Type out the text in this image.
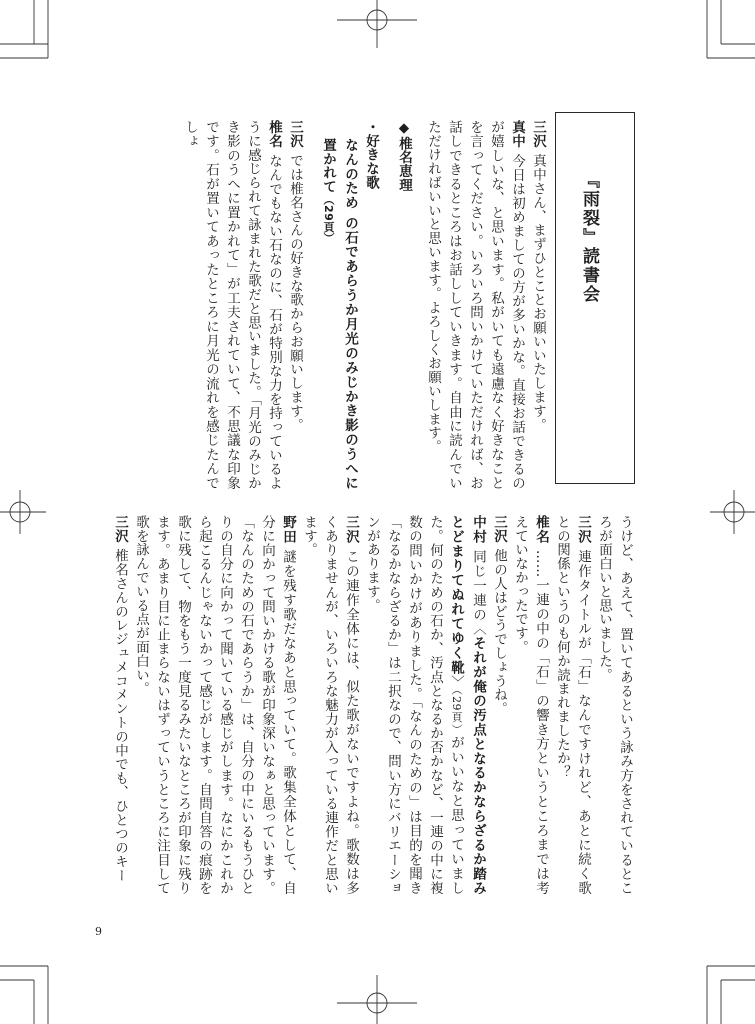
『雨裂』読書会
三沢真中さん、まずひとことお願いいたします。
真中今日は初めましての方が多いかな。直接お話できるのが嬉しいな、と思います。私がいても遠慮なく好きなことを言ってください。いろいろ問いかけていただければ、お話しできるところはお話ししていきます。自由に読んでいただければいいと思います。よろしくお願いします。
◆椎名恵理
・好きな歌
なんのため の石であらうか月光のみじかき影のうへに置かれて（29頁）
三沢では椎名さんの好きな歌からお願いします。
椎名なんでもない石なのに、石が特別な力を持っているように感じられて詠まれた歌だと思いました。「月光のみじかき影のうへに置かれて」が工夫されていて、不思議な印象です。石が置いてあったところに月光の流れを感じたんでしょ
うけど、あえて、置いてあるという詠み方をされているところが面白いと思いました。
三沢連作タイトルが「石」なんですけれど、あとに続く歌との関係というのも何か読まれましたか？
椎名……一連の中の「石」の響き方というところまでは考えていなかったです。
三沢他の人はどうでしょうね。
中村同じ一連の〈それが俺の汚点となるかならざるか踏みとどまりてぬれてゆく靴〉（29頁）がいいなと思っていました。何のための石か、汚点となるか否かなど、一連の中に複数の問いかけがありました。「なんのための」は目的を聞き「なるかならざるか」は二択なので、問い方にバリエーションがあります。
三沢この連作全体には、似た歌がないですよね。歌数は多くありませんが、いろいろな魅力が入っている連作だと思います。
野田謎を残す歌だなあと思っていて。歌集全体として、自分に向かって問いかける歌が印象深いなぁと思っています。「なんのための石であらうか」は、自分の中にいるもうひとりの自分に向かって聞いている感じがします。なにかこれから起こるんじゃないかって感じがします。自問自答の痕跡を歌に残して、物をもう一度見るみたいなところが印象に残ります。あまり目に止まらないはずっていうところに注目して歌を詠んでいる点が面白い。
三沢椎名さんのレジュメコメントの中でも、ひとつのキー
9
